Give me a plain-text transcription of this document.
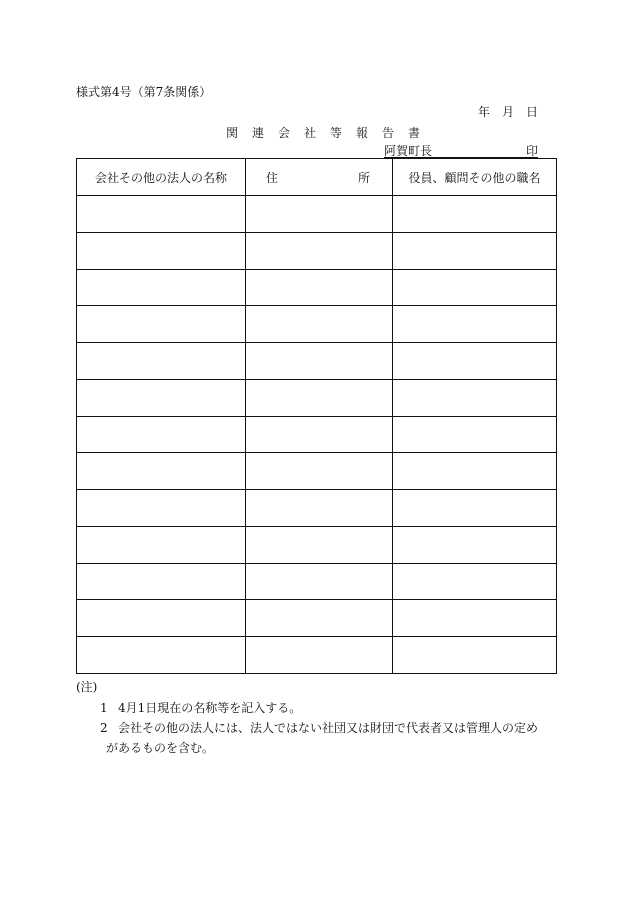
様式第4号（第7条関係）
年　月　日
関　連　会　社　等　報　告　書
阿賀町長	印
会社その他の法人の名称	住 所	役員、顧問その他の職名

(注)
1 4月1日現在の名称等を記入する。
2 会社その他の法人には、法人ではない社団又は財団で代表者又は管理人の定め
があるものを含む。
